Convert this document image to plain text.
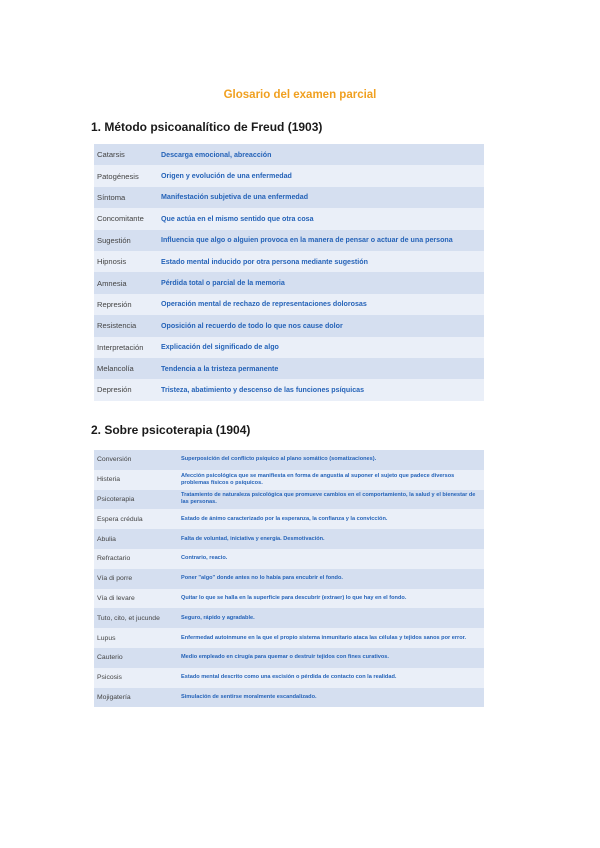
Glosario del examen parcial
1. Método psicoanalítico de Freud (1903)
Catarsis	Descarga emocional, abreacción
Patogénesis	Origen y evolución de una enfermedad
Síntoma	Manifestación subjetiva de una enfermedad
Concomitante	Que actúa en el mismo sentido que otra cosa
Sugestión	Influencia que algo o alguien provoca en la manera de pensar o actuar de una persona
Hipnosis	Estado mental inducido por otra persona mediante sugestión
Amnesia	Pérdida total o parcial de la memoria
Represión	Operación mental de rechazo de representaciones dolorosas
Resistencia	Oposición al recuerdo de todo lo que nos cause dolor
Interpretación	Explicación del significado de algo
Melancolía	Tendencia a la tristeza permanente
Depresión	Tristeza, abatimiento y descenso de las funciones psíquicas
2. Sobre psicoterapia (1904)
Conversión	Superposición del conflicto psíquico al plano somático (somatizaciones).
Histeria	Afección psicológica que se manifiesta en forma de angustia al suponer el sujeto que padece diversos problemas físicos o psíquicos.
Psicoterapia	Tratamiento de naturaleza psicológica que promueve cambios en el comportamiento, la salud y el bienestar de las personas.
Espera crédula	Estado de ánimo caracterizado por la esperanza, la confianza y la convicción.
Abulia	Falta de voluntad, iniciativa y energía. Desmotivación.
Refractario	Contrario, reacio.
Vía di porre	Poner "algo" donde antes no lo había para encubrir el fondo.
Vía di levare	Quitar lo que se halla en la superficie para descubrir (extraer) lo que hay en el fondo.
Tuto, cito, et jucunde	Seguro, rápido y agradable.
Lupus	Enfermedad autoinmune en la que el propio sistema inmunitario ataca las células y tejidos sanos por error.
Cauterio	Medio empleado en cirugía para quemar o destruir tejidos con fines curativos.
Psicosis	Estado mental descrito como una escisión o pérdida de contacto con la realidad.
Mojigatería	Simulación de sentirse moralmente escandalizado.
